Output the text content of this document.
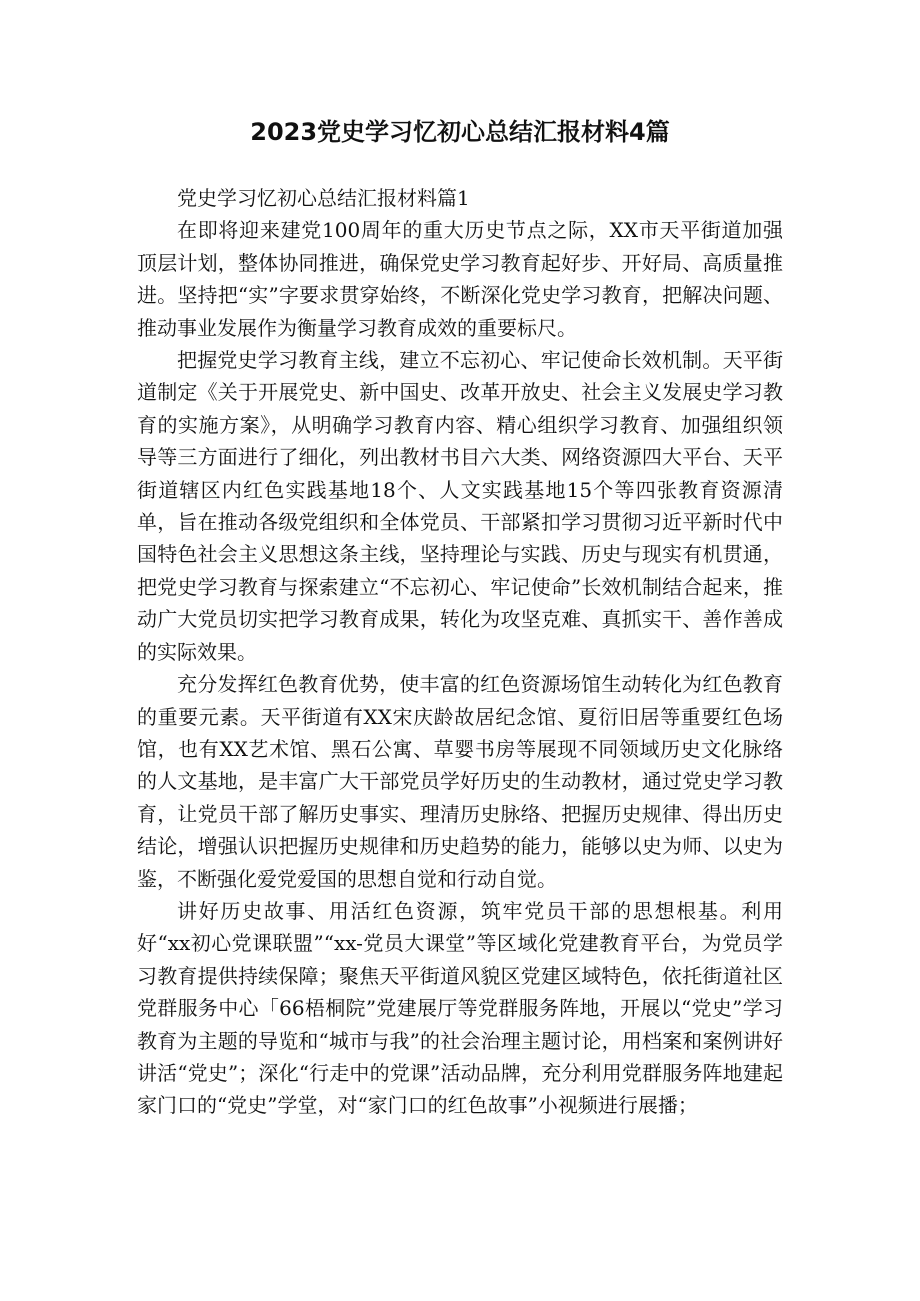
2023党史学习忆初心总结汇报材料4篇

党史学习忆初心总结汇报材料篇1

在即将迎来建党100周年的重大历史节点之际，XX市天平街道加强顶层计划，整体协同推进，确保党史学习教育起好步、开好局、高质量推进。坚持把“实”字要求贯穿始终，不断深化党史学习教育，把解决问题、推动事业发展作为衡量学习教育成效的重要标尺。

把握党史学习教育主线，建立不忘初心、牢记使命长效机制。天平街道制定《关于开展党史、新中国史、改革开放史、社会主义发展史学习教育的实施方案》，从明确学习教育内容、精心组织学习教育、加强组织领导等三方面进行了细化，列出教材书目六大类、网络资源四大平台、天平街道辖区内红色实践基地18个、人文实践基地15个等四张教育资源清单，旨在推动各级党组织和全体党员、干部紧扣学习贯彻习近平新时代中国特色社会主义思想这条主线，坚持理论与实践、历史与现实有机贯通，把党史学习教育与探索建立“不忘初心、牢记使命”长效机制结合起来，推动广大党员切实把学习教育成果，转化为攻坚克难、真抓实干、善作善成的实际效果。

充分发挥红色教育优势，使丰富的红色资源场馆生动转化为红色教育的重要元素。天平街道有XX宋庆龄故居纪念馆、夏衍旧居等重要红色场馆，也有XX艺术馆、黑石公寓、草婴书房等展现不同领域历史文化脉络的人文基地，是丰富广大干部党员学好历史的生动教材，通过党史学习教育，让党员干部了解历史事实、理清历史脉络、把握历史规律、得出历史结论，增强认识把握历史规律和历史趋势的能力，能够以史为师、以史为鉴，不断强化爱党爱国的思想自觉和行动自觉。

讲好历史故事、用活红色资源，筑牢党员干部的思想根基。利用好“xx初心党课联盟”“xx-党员大课堂”等区域化党建教育平台，为党员学习教育提供持续保障；聚焦天平街道风貌区党建区域特色，依托街道社区党群服务中心「66梧桐院”党建展厅等党群服务阵地，开展以“党史”学习教育为主题的导览和“城市与我”的社会治理主题讨论，用档案和案例讲好讲活“党史”；深化“行走中的党课”活动品牌，充分利用党群服务阵地建起家门口的“党史”学堂，对“家门口的红色故事”小视频进行展播；
